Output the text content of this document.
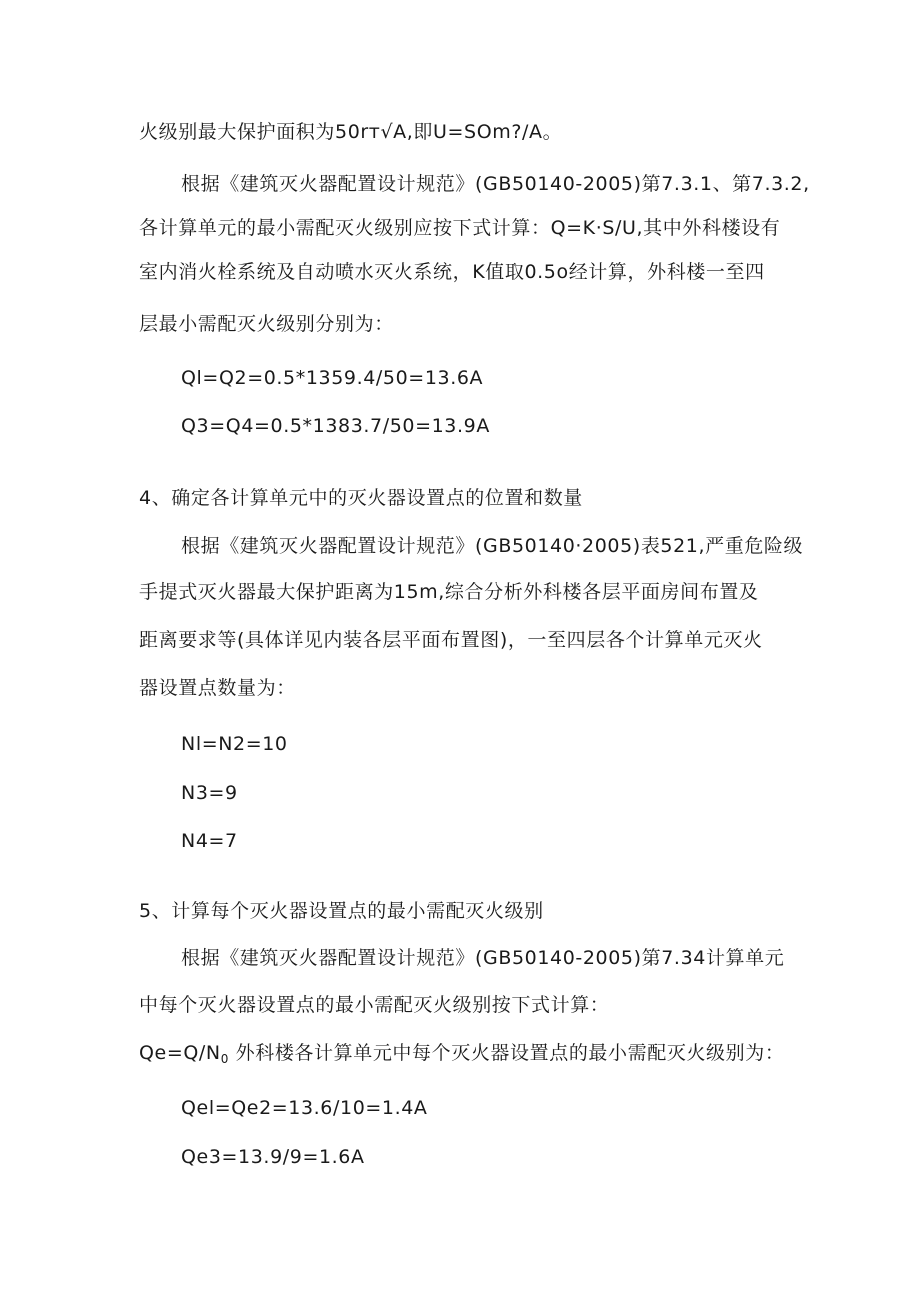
火级别最大保护面积为50rт√A,即U=SOm?/A。

根据《建筑灭火器配置设计规范》(GB50140-2005)第7.3.1、第7.3.2,

各计算单元的最小需配灭火级别应按下式计算：Q=K·S∕U,其中外科楼设有

室内消火栓系统及自动喷水灭火系统，K值取0.5o经计算，外科楼一至四

层最小需配灭火级别分别为：

Ql=Q2=0.5*1359.4∕50=13.6A

Q3=Q4=0.5*1383.7∕50=13.9A

4、确定各计算单元中的灭火器设置点的位置和数量

根据《建筑灭火器配置设计规范》(GB50140·2005)表521,严重危险级

手提式灭火器最大保护距离为15m,综合分析外科楼各层平面房间布置及

距离要求等(具体详见内装各层平面布置图)，一至四层各个计算单元灭火

器设置点数量为：

Nl=N2=10

N3=9

N4=7

5、计算每个灭火器设置点的最小需配灭火级别

根据《建筑灭火器配置设计规范》(GB50140-2005)第7.34计算单元

中每个灭火器设置点的最小需配灭火级别按下式计算：

$Qe=Q∕N_0$ 外科楼各计算单元中每个灭火器设置点的最小需配灭火级别为：

Qel=Qe2=13.6∕10=1.4A

Qe3=13.9∕9=1.6A
